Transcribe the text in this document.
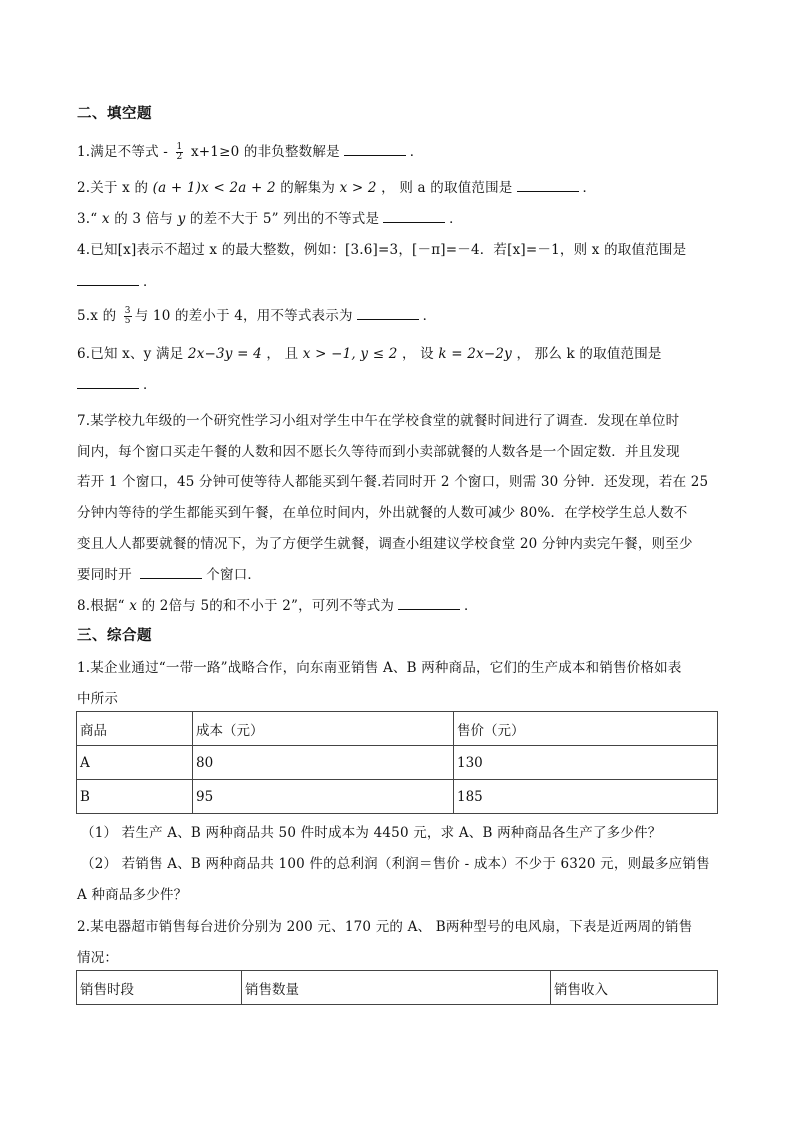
二、填空题
1.满足不等式 - $\frac{1}{2} x+1\ge 0$ 的非负整数解是	．
2.关于 x 的 (a + 1)x < 2a + 2 的解集为 x > 2 ， 则 a 的取值范围是	．
3.“ x 的 3 倍与 y 的差不大于 5” 列出的不等式是	．
4.已知[x]表示不超过 x 的最大整数，例如：[3.6]=3，[－π]=－4．若[x]=－1，则 x 的取值范围是
．
5.x 的 $\frac{3}{5}$ 与 10 的差小于 4，用不等式表示为	．
6.已知 x、y 满足 2x−3y = 4 ， 且 x > −1, y ≤ 2 ， 设 k = 2x−2y ， 那么 k 的取值范围是
．
7.某学校九年级的一个研究性学习小组对学生中午在学校食堂的就餐时间进行了调查．发现在单位时
间内，每个窗口买走午餐的人数和因不愿长久等待而到小卖部就餐的人数各是一个固定数．并且发现
若开 1 个窗口，45 分钟可使等待人都能买到午餐.若同时开 2 个窗口，则需 30 分钟．还发现，若在 25
分钟内等待的学生都能买到午餐，在单位时间内，外出就餐的人数可减少 80%．在学校学生总人数不
变且人人都要就餐的情况下，为了方便学生就餐，调查小组建议学校食堂 20 分钟内卖完午餐，则至少
要同时开	个窗口．
8.根据“ x 的 2倍与 5的和不小于 2”，可列不等式为	．
三、综合题
1.某企业通过“一带一路”战略合作，向东南亚销售 A、B 两种商品，它们的生产成本和销售价格如表
中所示
商品	成本（元）	售价（元）
A	80	130
B	95	185
（1） 若生产 A、B 两种商品共 50 件时成本为 4450 元，求 A、B 两种商品各生产了多少件？
（2） 若销售 A、B 两种商品共 100 件的总利润（利润＝售价 - 成本）不少于 6320 元，则最多应销售
A 种商品多少件？
2.某电器超市销售每台进价分别为 200 元、170 元的 A、 B两种型号的电风扇，下表是近两周的销售
情况：
销售时段	销售数量	销售收入
